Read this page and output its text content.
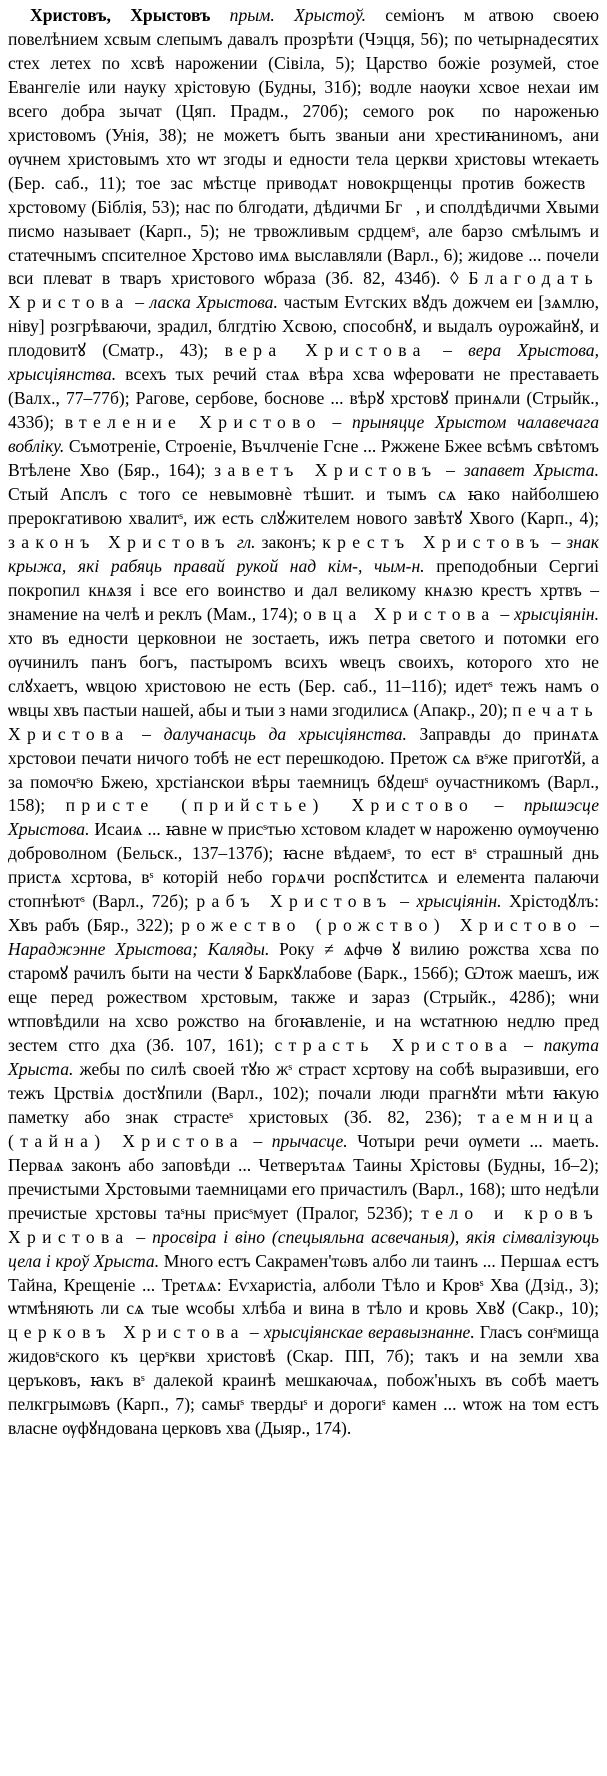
Христовъ, Хрыстовъ прым. Хрыстоў. семіонъ мⷮатвою своею повелѣнием хсвым слепымъ давалъ прозрѣти (Чэцця, 56); по четырнадесятих стех летех по хсвѣ нарожении (Сівіла, 5); Царство божіе розумей, стое Евангеліе или науку хрістовую (Будны, 31б); водле наѹки хсвое нехаи им всего добра зычат (Цяп. Прадм., 270б); семого рокꙋ по нароженью христовомъ (Унія, 38); не можетъ быть званыи ани хрестиꙗниномъ, ани ѹчнем христовымъ хто ѡт згоды и едности тела церкви христовы ѡтекаеть (Бер. саб., 11); тое зас мѣстце приводѧт новокрщенцы против божествꙋ хрстовому (Біблія, 53); нас по блгодати, дѣдичми Бгꙋ, и сполдѣдичми Хвыми писмо называет (Карп., 5); не трвожливым срдцемˢ, але барзо смѣлымъ и статечнымъ спсителное Хрстово имѧ выславляли (Варл., 6); жидове ... почели вси плеват в тваръ христового ѡбраза (Зб. 82, 434б). ◊ Благодать Христова – ласка Хрыстова. частым Еѵгских вꙋдъ дожчем еи [зѧмлю, ніву] розгрѣваючи, зрадил, блгдтію Хсвою, способнꙋ, и выдалъ оурожайнꙋ, и плодовитꙋ (Сматр., 43); вера Христова – вера Хрыстова, хрысціянства. всехъ тых речий стаѧ вѣра хсва ѡферовати не преставаеть (Валх., 77–77б); Рагове, сербове, боснове ... вѣрꙋ хрстовꙋ принѧли (Стрыйк., 433б); втеление Христово – прыняцце Хрыстом чалавечага вобліку. Съмотреніе, Строеніе, Въчлченіе Гсне ... Ржжене Бжее всѣмъ свѣтомъ Втѣлене Хво (Бяр., 164); заветъ Христовъ – запавет Хрыста. Стый Апслъ с того се невымовнѐ тѣшит. и тымъ сѧ ꙗко найболшею прерокгативою хвалитˢ, иж есть слꙋжителем нового завѣтꙋ Хвого (Карп., 4); законъ Христовъ гл. законъ; крестъ Христовъ – знак крыжа, які рабяць правай рукой над кім-, чым-н. преподобныи Сергиі покропил кнѧзя і все его воинство и дал великому кнѧзю крестъ хртвъ – знамение на челѣ и реклъ (Мам., 174); овца Христова – хрысціянін. хто въ едности церковнои не зостаеть, ижъ петра светого и потомки его ѹчинилъ панъ богъ, пастыромъ всихъ ѡвецъ своихъ, которого хто не слꙋхаетъ, ѡвцою христовою не есть (Бер. саб., 11–11б); идетˢ тежъ намъ о ѡвцы хвъ пастыи нашей, абы и тыи з нами згодилисѧ (Апакр., 20); печать Христова – далучанасць да хрысціянства. Заправды до принѧтѧ хрстовои печати ничого тобѣ не ест перешкодою. Претож сѧ вˢже приготꙋй, а за помочˢю Бжею, хрстіанскои вѣры таемницъ бꙋдешˢ оучастникомъ (Варл., 158); присте (прийстье) Христово – прышэсце Хрыстова. Исаиѧ ... ꙗвне ѡ присˢтью хстовом кладет ѡ нароженю ѹмѹченю доброволном (Бельск., 137–137б); ꙗсне вѣдаемˢ, то ест вˢ страшный днь пристѧ хсртова, вˢ которій небо горѧчи роспꙋститсѧ и елемента палаючи стопнѣютˢ (Варл., 72б); рабъ Христовъ – хрысціянін. Хрістодꙋлъ: Хвъ рабъ (Бяр., 322); рожество (рожство) Христово – Нараджэнне Хрыстова; Каляды. Року ≠ ѧфчѳ ꙋ вилию рожства хсва по старомꙋ рачилъ быти на чести ꙋ Баркꙋлабове (Барк., 156б); Ѡтож маешъ, иж еще перед рожеством хрстовым, также и зараз (Стрыйк., 428б); ѡни ѡтповѣдили на хсво рожство на бгоꙗвленіе, и на ѡстатнюю недлю пред зестем стго дха (Зб. 107, 161); страсть Христова – пакута Хрыста. жебы по силѣ своей тꙋю жˢ страст хсртову на собѣ выразивши, его тежъ Црствіѧ достꙋпили (Варл., 102); почали люди прагнꙋти мѣти ꙗкую паметку або знак страстеˢ христовых (Зб. 82, 236); таемница (тайна) Христова – прычасце. Чотыри речи ѹмети ... маеть. Перваѧ законъ або заповѣди ... Четверътаѧ Таины Хрістовы (Будны, 1б–2); пречистыми Хрстовыми таемницами его причастилъ (Варл., 168); што недѣли пречистые хрстовы таˢны присˢмует (Пралог, 523б); тело и кровъ Христова – просвіра і віно (спецыяльна асвечаныя), якія сімвалізуюць цела і кроў Хрыста. Много естъ Сакрамен'тωвъ албо ли таинъ ... Першаѧ естъ Тайна, Крещеніе ... Третѧѧ: Еѵхаристіа, алболи Тѣло и Кровˢ Хва (Дзід., 3); ѡтмѣняють ли сѧ тые ѡсобы хлѣба и вина в тѣло и кровь Хвꙋ (Сакр., 10); церковъ Христова – хрысціянскае веравызнанне. Гласъ сонˢмища жидовˢского къ церˢкви христовѣ (Скар. ПП, 7б); такъ и на земли хва церъковъ, ꙗкъ вˢ далекой краинѣ мешкаючаѧ, побож'ныхъ въ собѣ маетъ пелкгрымωвъ (Карп., 7); самыˢ твердыˢ и дорогиˢ камен ... ѡтож на том естъ власне ѹфꙋндована церковъ хва (Дыяр., 174).
